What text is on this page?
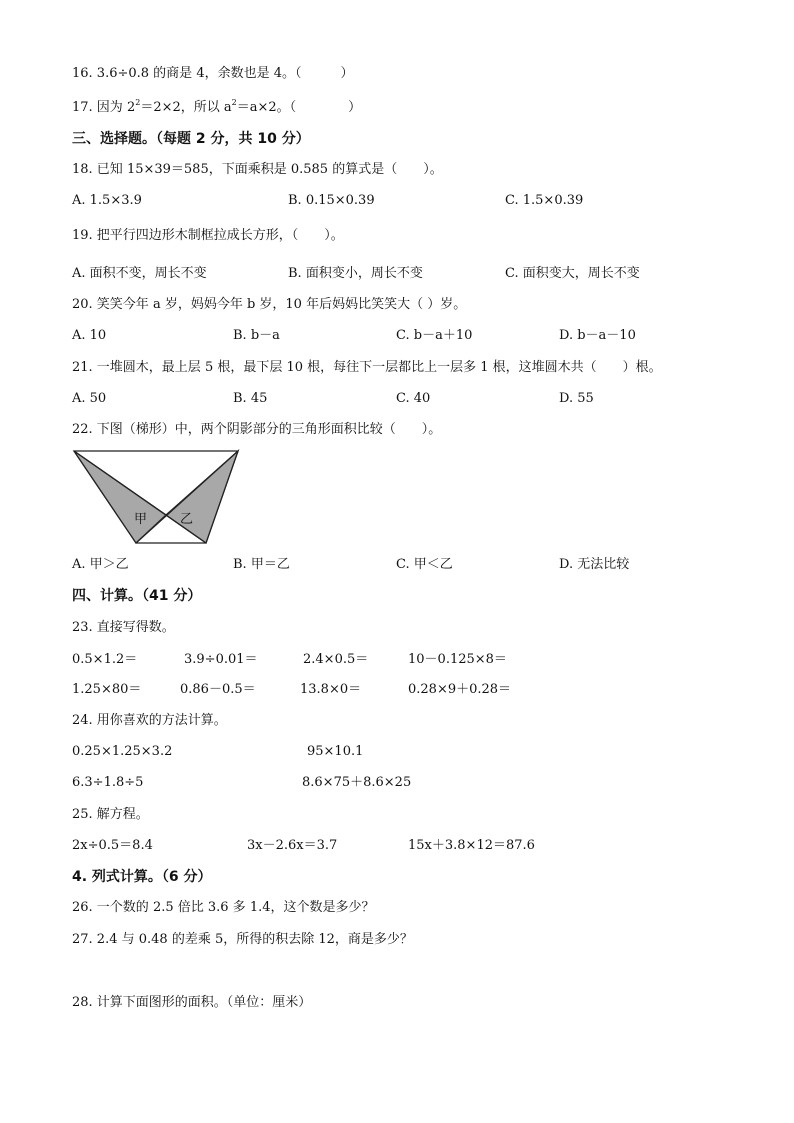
16. 3.6÷0.8 的商是 4，余数也是 4。（　　　）
17. 因为 $2^2=2\times 2$，所以 $a^2=a\times 2$。（　　　　）
三、选择题。（每题 2 分，共 10 分）
18. 已知 15×39＝585，下面乘积是 0.585 的算式是（　　）。
A. 1.5×3.9	B. 0.15×0.39	C. 1.5×0.39
19. 把平行四边形木制框拉成长方形，（　　）。
A. 面积不变，周长不变	B. 面积变小，周长不变	C. 面积变大，周长不变
20. 笑笑今年 a 岁，妈妈今年 b 岁，10 年后妈妈比笑笑大（ ）岁。
A. 10	B. b－a	C. b－a＋10	D. b－a－10
21. 一堆圆木，最上层 5 根，最下层 10 根，每往下一层都比上一层多 1 根，这堆圆木共（　　）根。
A. 50	B. 45	C. 40	D. 55
22. 下图（梯形）中，两个阴影部分的三角形面积比较（　　）。
甲	乙
A. 甲＞乙	B. 甲＝乙	C. 甲＜乙	D. 无法比较
四、计算。（41 分）
23. 直接写得数。
0.5×1.2＝	3.9÷0.01＝	2.4×0.5＝	10－0.125×8＝
1.25×80＝	0.86－0.5＝	13.8×0＝	0.28×9＋0.28＝
24. 用你喜欢的方法计算。
0.25×1.25×3.2	95×10.1
6.3÷1.8÷5	8.6×75＋8.6×25
25. 解方程。
2x÷0.5＝8.4	3x－2.6x＝3.7	15x＋3.8×12＝87.6
4. 列式计算。（6 分）
26. 一个数的 2.5 倍比 3.6 多 1.4，这个数是多少？
27. 2.4 与 0.48 的差乘 5，所得的积去除 12，商是多少？
28. 计算下面图形的面积。（单位：厘米）
